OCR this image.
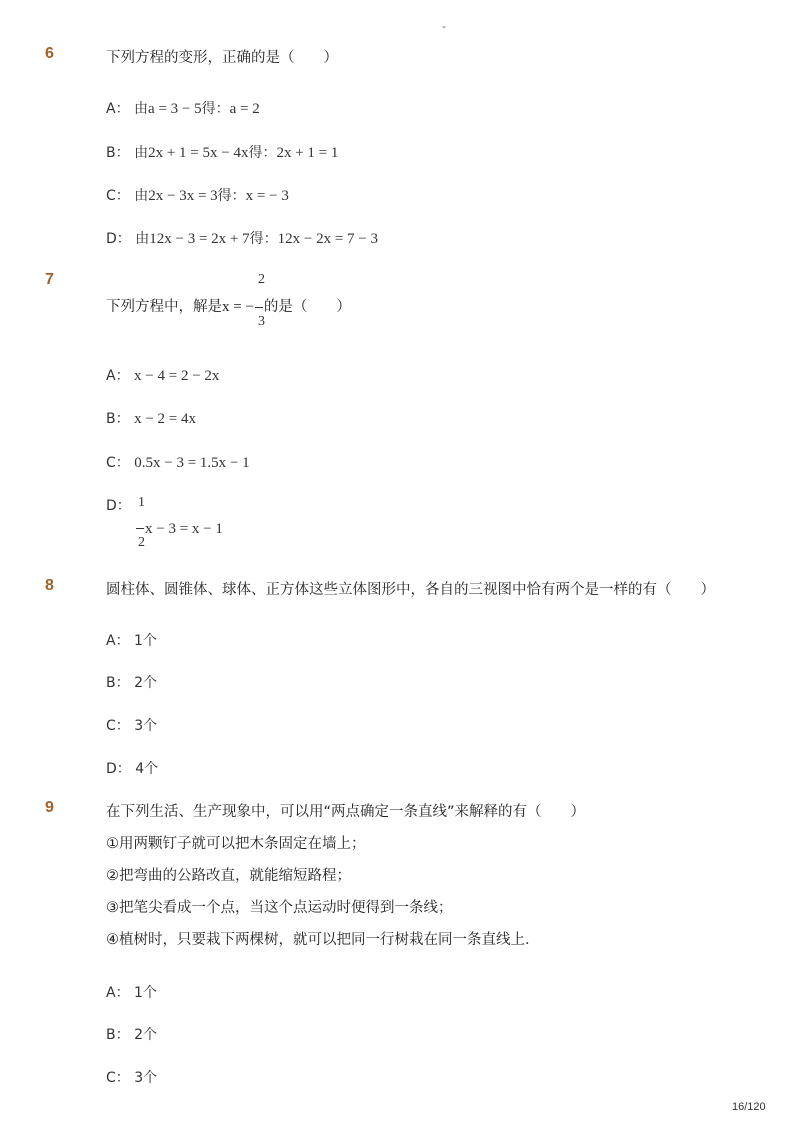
-
6	下列方程的变形，正确的是（　　）
A： 由a = 3 − 5得：a = 2
B： 由2x + 1 = 5x − 4x得：2x + 1 = 1
C： 由2x − 3x = 3得：x = − 3
D： 由12x − 3 = 2x + 7得：12x − 2x = 7 − 3
7	2
下列方程中，解是x = − 的是（　　）
3
A： x − 4 = 2 − 2x
B： x − 2 = 4x
C： 0.5x − 3 = 1.5x − 1
D： 1
x − 3 = x − 1
2
8	圆柱体、圆锥体、球体、正方体这些立体图形中，各自的三视图中恰有两个是一样的有（　　）
A： 1个
B： 2个
C： 3个
D： 4个
9	在下列生活、生产现象中，可以用“两点确定一条直线”来解释的有（　　）
①用两颗钉子就可以把木条固定在墙上；
②把弯曲的公路改直，就能缩短路程；
③把笔尖看成一个点，当这个点运动时便得到一条线；
④植树时，只要栽下两棵树，就可以把同一行树栽在同一条直线上．
A： 1个
B： 2个
C： 3个
16/120
